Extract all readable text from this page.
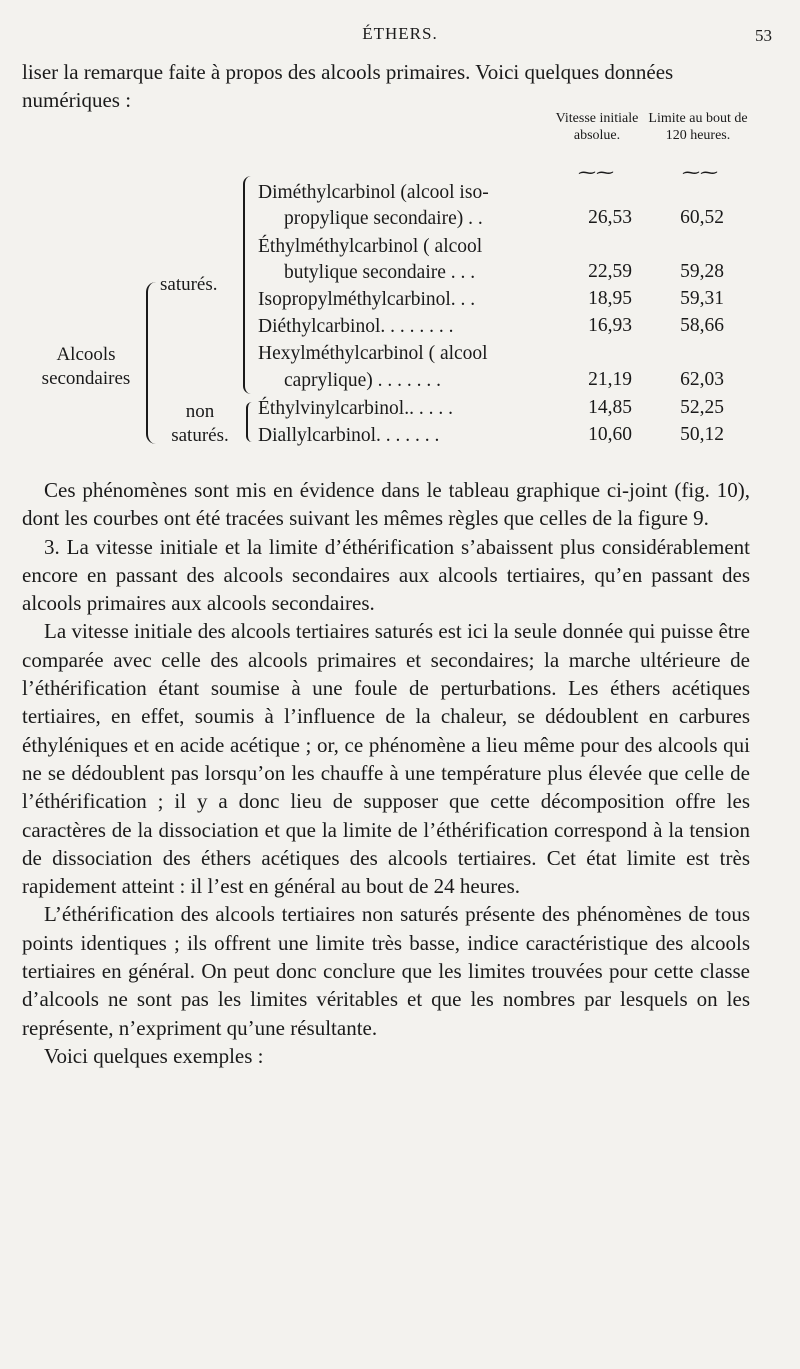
ÉTHERS.	53

liser la remarque faite à propos des alcools primaires. Voici quelques données numériques :

Vitesse initiale absolue.
Limite au bout de 120 heures.
⁓⁓	⁓⁓
Alcools secondaires
saturés.
non saturés.
Diméthylcarbinol (alcool iso-
propylique secondaire) . .	26,53	60,52
Éthylméthylcarbinol ( alcool
butylique secondaire . . .	22,59	59,28
Isopropylméthylcarbinol. . .	18,95	59,31
Diéthylcarbinol. . . . . . . .	16,93	58,66
Hexylméthylcarbinol ( alcool
caprylique) . . . . . . .	21,19	62,03
Éthylvinylcarbinol.. . . . .	14,85	52,25
Diallylcarbinol. . . . . . .	10,60	50,12

Ces phénomènes sont mis en évidence dans le tableau graphique ci-joint (fig. 10), dont les courbes ont été tracées suivant les mêmes règles que celles de la figure 9.

3. La vitesse initiale et la limite d’éthérification s’abaissent plus considérablement encore en passant des alcools secondaires aux alcools tertiaires, qu’en passant des alcools primaires aux alcools secondaires.

La vitesse initiale des alcools tertiaires saturés est ici la seule donnée qui puisse être comparée avec celle des alcools primaires et secondaires; la marche ultérieure de l’éthérification étant soumise à une foule de perturbations. Les éthers acétiques tertiaires, en effet, soumis à l’influence de la chaleur, se dédoublent en carbures éthyléniques et en acide acétique ; or, ce phénomène a lieu même pour des alcools qui ne se dédoublent pas lorsqu’on les chauffe à une température plus élevée que celle de l’éthérification ; il y a donc lieu de supposer que cette décomposition offre les caractères de la dissociation et que la limite de l’éthérification correspond à la tension de dissociation des éthers acétiques des alcools tertiaires. Cet état limite est très rapidement atteint : il l’est en général au bout de 24 heures.

L’éthérification des alcools tertiaires non saturés présente des phénomènes de tous points identiques ; ils offrent une limite très basse, indice caractéristique des alcools tertiaires en général. On peut donc conclure que les limites trouvées pour cette classe d’alcools ne sont pas les limites véritables et que les nombres par lesquels on les représente, n’expriment qu’une résultante.

Voici quelques exemples :
